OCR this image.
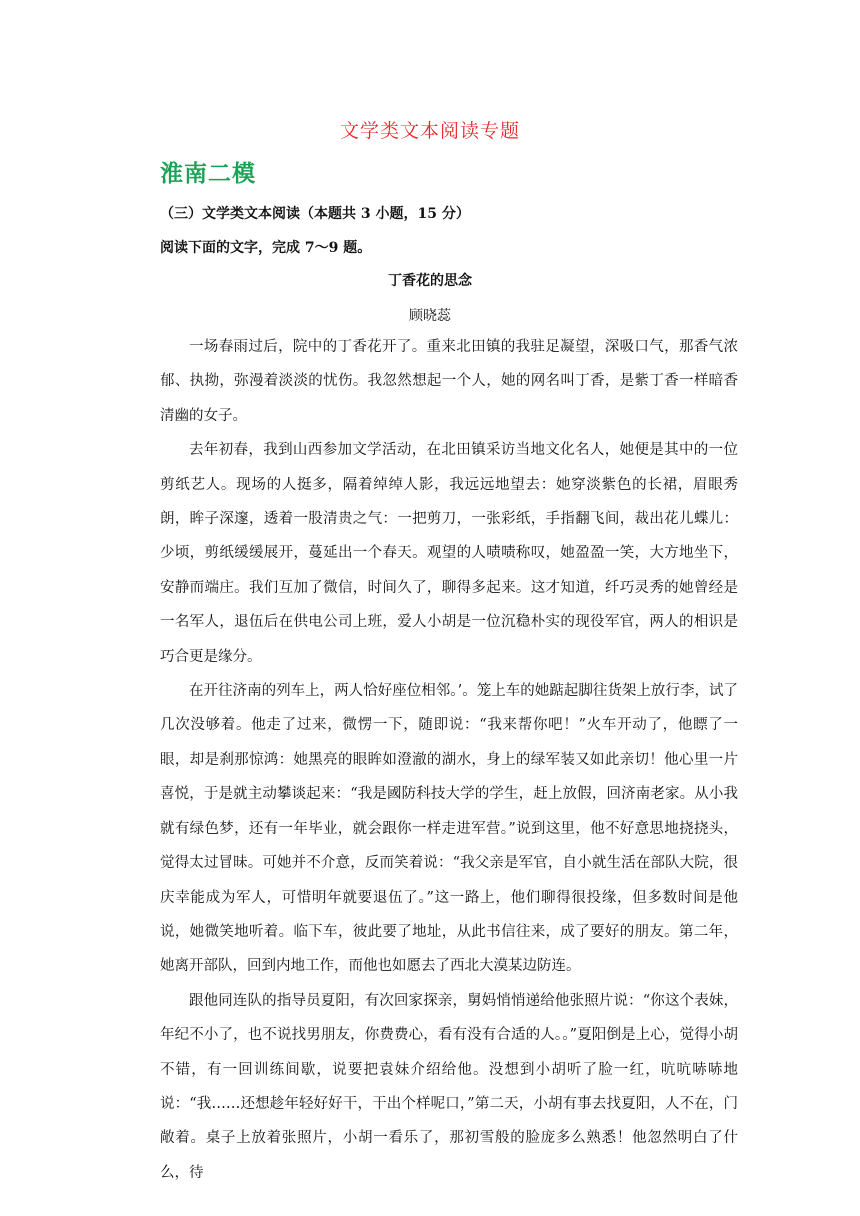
文学类文本阅读专题
淮南二模

（三）文学类文本阅读（本题共 3 小题，15 分）

阅读下面的文字，完成 7～9 题。

丁香花的思念

顾晓蕊

一场春雨过后，院中的丁香花开了。重来北田镇的我驻足凝望，深吸口气，那香气浓郁、执拗，弥漫着淡淡的忧伤。我忽然想起一个人，她的网名叫丁香，是紫丁香一样暗香清幽的女子。

去年初春，我到山西参加文学活动，在北田镇采访当地文化名人，她便是其中的一位剪纸艺人。现场的人挺多，隔着绰绰人影，我远远地望去：她穿淡紫色的长裙，眉眼秀朗，眸子深邃，透着一股清贵之气：一把剪刀，一张彩纸，手指翻飞间，裁出花儿蝶儿：少顷，剪纸缓缓展开，蔓延出一个春天。观望的人啧啧称叹，她盈盈一笑，大方地坐下，安静而端庄。我们互加了微信，时间久了，聊得多起来。这才知道，纤巧灵秀的她曾经是一名军人，退伍后在供电公司上班，爱人小胡是一位沉稳朴实的现役军官，两人的相识是巧合更是缘分。

在开往济南的列车上，两人恰好座位相邻。’。笼上车的她踮起脚往货架上放行李，试了几次没够着。他走了过来，微愣一下，随即说：“我来帮你吧！”火车开动了，他瞟了一眼，却是刹那惊鸿：她黑亮的眼眸如澄澈的湖水，身上的绿军装又如此亲切！他心里一片喜悦，于是就主动攀谈起来：“我是國防科技大学的学生，赶上放假，回济南老家。从小我就有绿色梦，还有一年毕业，就会跟你一样走进军营。”说到这里，他不好意思地挠挠头，觉得太过冒昧。可她并不介意，反而笑着说：“我父亲是军官，自小就生活在部队大院，很庆幸能成为军人，可惜明年就要退伍了。”这一路上，他们聊得很投缘，但多数时间是他说，她微笑地听着。临下车，彼此要了地址，从此书信往来，成了要好的朋友。第二年，她离开部队，回到内地工作，而他也如愿去了西北大漠某边防连。

跟他同连队的指导员夏阳，有次回家探亲，舅妈悄悄递给他张照片说：“你这个表妹，年纪不小了，也不说找男朋友，你费费心，看有没有合适的人。。”夏阳倒是上心，觉得小胡不错，有一回训练间歇，说要把袁妹介绍给他。没想到小胡听了脸一红，吭吭哧哧地说：“我……还想趁年轻好好干，干出个样呢口，”第二天，小胡有事去找夏阳，人不在，门敞着。桌子上放着张照片，小胡一看乐了，那初雪般的脸庞多么熟悉！他忽然明白了什么，待
